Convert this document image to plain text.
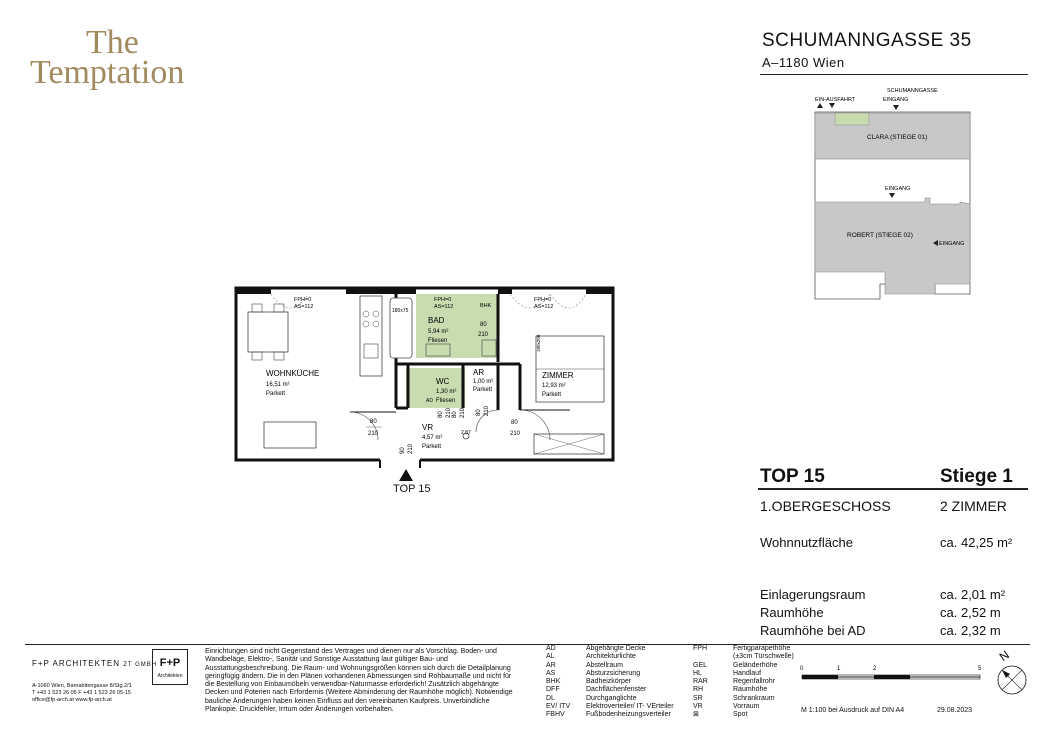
The
Temptation
SCHUMANNGASSE 35
A–1180 Wien
SCHUMANNGASSE
EIN-AUSFAHRT	EINGANG
CLARA (STIEGE 01)
EINGANG
ROBERT (STIEGE 02)
EINGANG
TOP 15	Stiege 1
1.OBERGESCHOSS	2 ZIMMER
Wohnnutzfläche	ca. 42,25 m²
Einlagerungsraum	ca. 2,01 m²
Raumhöhe	ca. 2,52 m
Raumhöhe bei AD	ca. 2,32 m
180x75
180x200
FPH=0
AS=112
FPH=0
AS=112	BHK
FPH=0
AS=112
WOHNKÜCHE
16,51 m²
Parkett
BAD
5,94 m²
Fliesen
WC
1,30 m²
Fliesen
AR
1,00 m²
Parkett
ZIMMER
12,93 m²
Parkett
VR
4,57 m²
Parkett
80
210
80
210
80
210
80 210
90 210
80 210 80 210
2,87
AD
TOP 15
F+P ARCHITEKTEN ZT GMBH
A-1060 Wien, Barnabitengasse 8/Stg.2/1
T +43 1 523 26 05 F +43 1 523 26 05-15
office@fp-arch.at www.fp-arch.at
F+P
Architekten
Einrichtungen sind nicht Gegenstand des Vertrages und dienen nur als Vorschlag. Boden- und Wandbeläge, Elektro-, Sanitär und Sonstige Ausstattung laut gültiger Bau- und Ausstattungsbeschreibung. Die Raum- und Wohnungsgrößen können sich durch die Detailplanung geringfügig ändern. Die in den Plänen vorhandenen Abmessungen sind Rohbaumaße und nicht für die Bestellung von Einbaumöbeln verwendbar-Naturmasse erforderlich! Zusätzlich abgehängte Decken und Poterien nach Erfordernis (Weitere Abminderung der Raumhöhe möglich). Notwendige bauliche Änderungen haben keinen Einfluss auf den vereinbarten Kaufpreis. Unverbindliche Plankopie. Druckfehler, Irrtum oder Änderungen vorbehalten.
AD	Abgehängte Decke
AL	Architekturlichte
AR	Abstellraum
AS	Absturzsicherung
BHK	Badheizkörper
DFF	Dachflächenfenster
DL	Durchganglichte
EV/ ITV	Elektroverteiler/ IT- VErteiler
FBHV	Fußbodenheizungsverteiler
FPH	Fertigparapethöhe
(±3cm Türschwelle)
GEL	Geländerhöhe
HL	Handlauf
RAR	Regenfallrohr
RH	Raumhöhe
SR	Schrankraum
VR	Vorraum
⊠	Spot
0	1	2	5
M 1:100 bei Ausdruck auf DIN A4	29.08.2023
N
